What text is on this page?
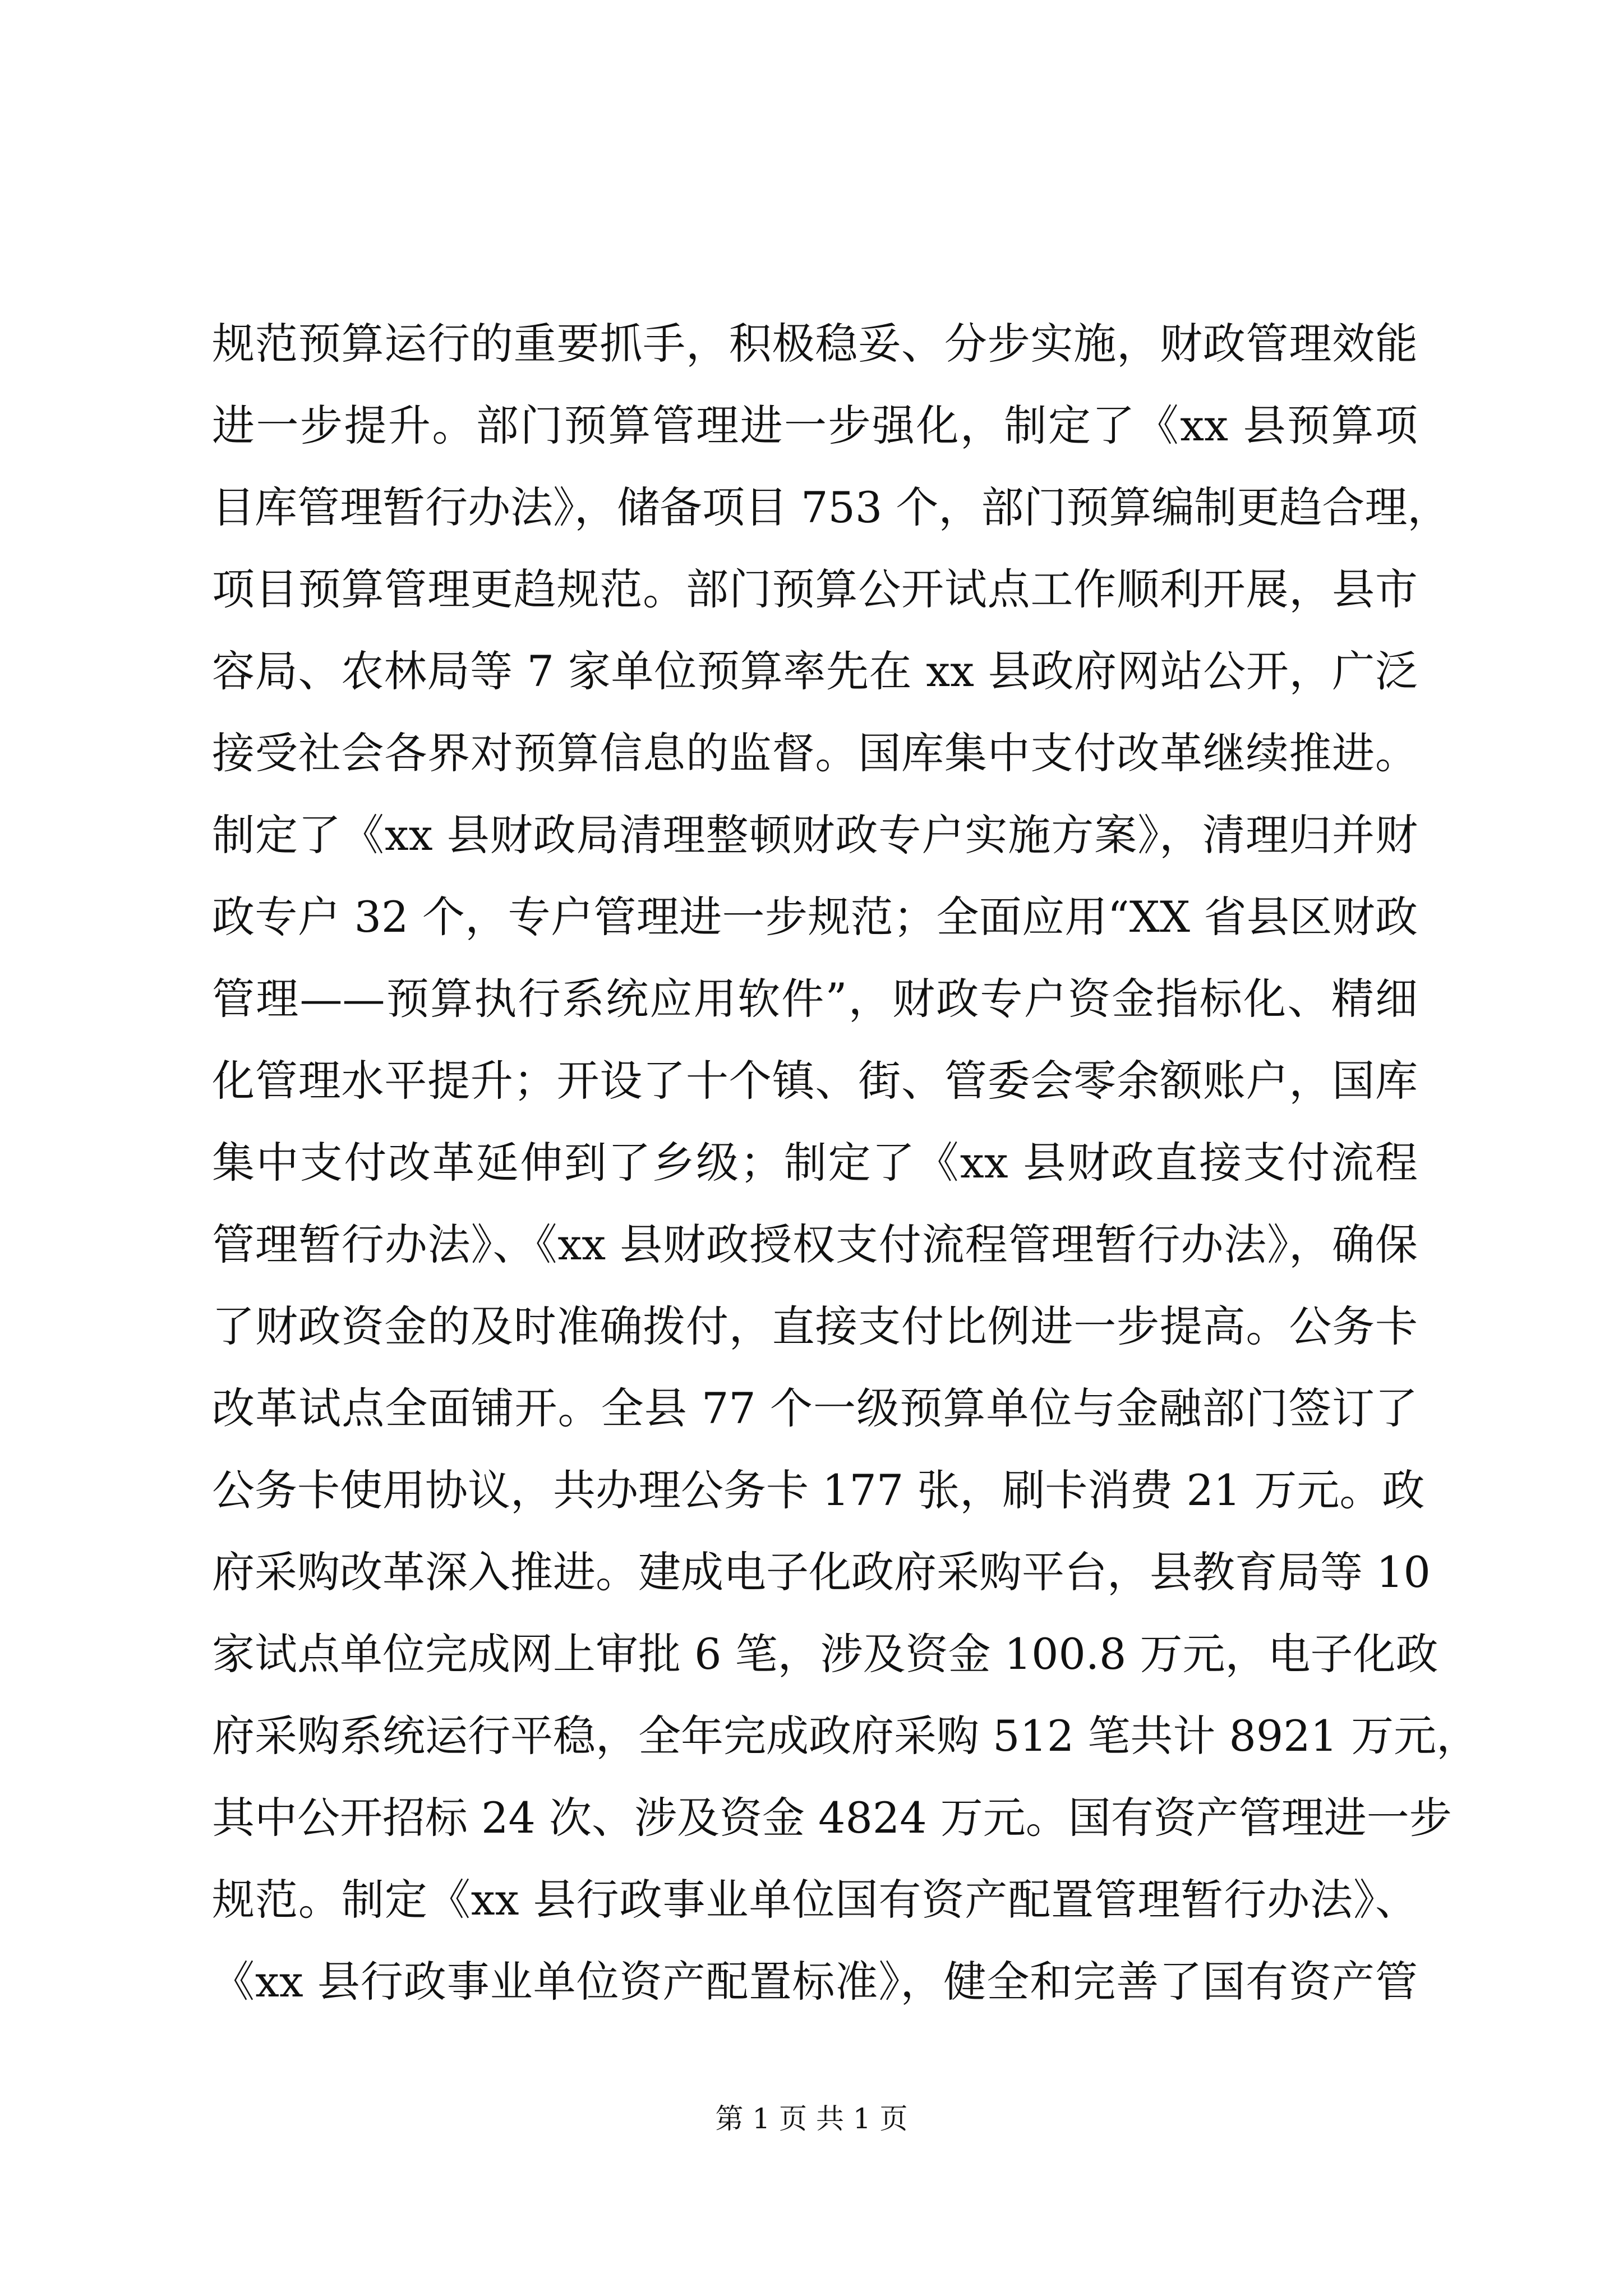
规范预算运行的重要抓手，积极稳妥、分步实施，财政管理效能
进一步提升。部门预算管理进一步强化，制定了《xx 县预算项
目库管理暂行办法》，储备项目 753 个，部门预算编制更趋合理，
项目预算管理更趋规范。部门预算公开试点工作顺利开展，县市
容局、农林局等 7 家单位预算率先在 xx 县政府网站公开，广泛
接受社会各界对预算信息的监督。国库集中支付改革继续推进。
制定了《xx 县财政局清理整顿财政专户实施方案》，清理归并财
政专户 32 个，专户管理进一步规范；全面应用“XX 省县区财政
管理——预算执行系统应用软件”，财政专户资金指标化、精细
化管理水平提升；开设了十个镇、街、管委会零余额账户，国库
集中支付改革延伸到了乡级；制定了《xx 县财政直接支付流程
管理暂行办法》、《xx 县财政授权支付流程管理暂行办法》，确保
了财政资金的及时准确拨付，直接支付比例进一步提高。公务卡
改革试点全面铺开。全县 77 个一级预算单位与金融部门签订了
公务卡使用协议，共办理公务卡 177 张，刷卡消费 21 万元。政
府采购改革深入推进。建成电子化政府采购平台，县教育局等 10
家试点单位完成网上审批 6 笔，涉及资金 100.8 万元，电子化政
府采购系统运行平稳，全年完成政府采购 512 笔共计 8921 万元，
其中公开招标 24 次、涉及资金 4824 万元。国有资产管理进一步
规范。制定《xx 县行政事业单位国有资产配置管理暂行办法》、
《xx 县行政事业单位资产配置标准》，健全和完善了国有资产管
第 1 页 共 1 页
